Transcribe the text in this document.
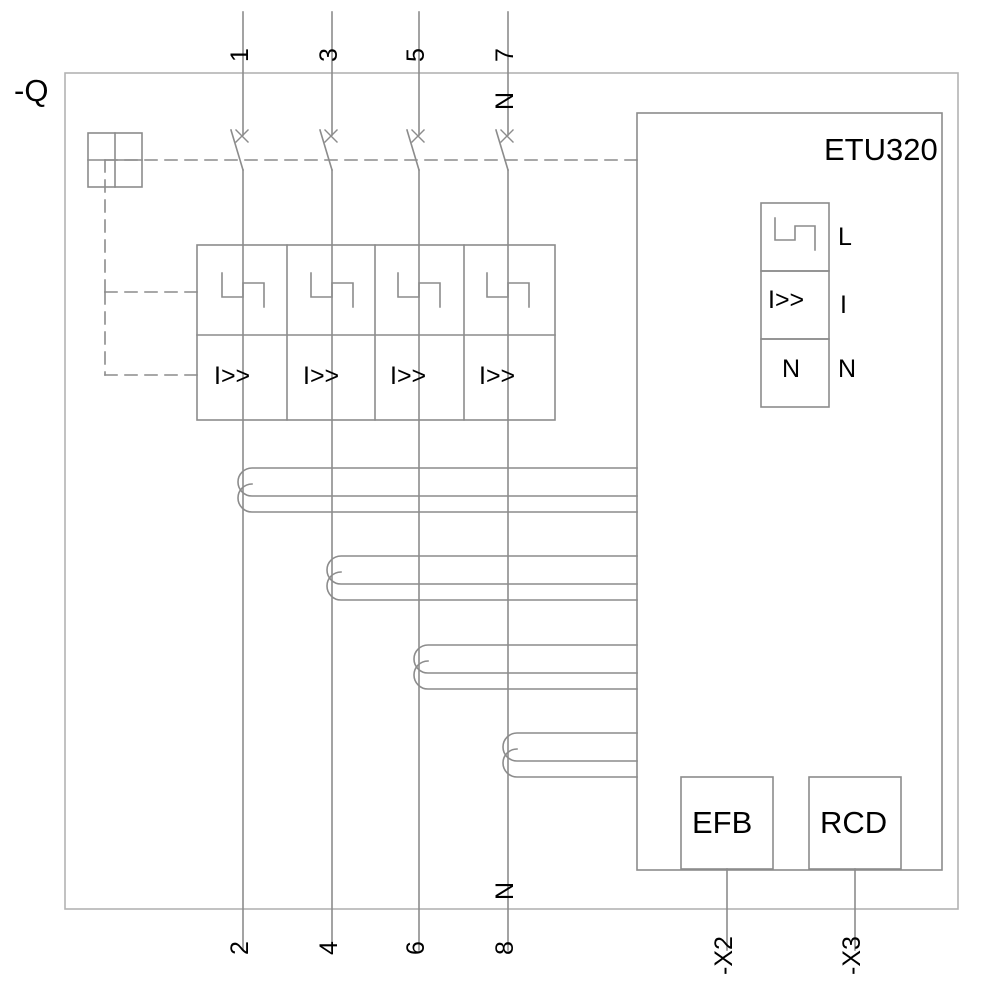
-Q
1 3 5 7
N
2 4 6 8
N
I>> I>> I>> I>>
ETU320
I>>
N
L
I
N
EFB RCD
-X2	-X3
